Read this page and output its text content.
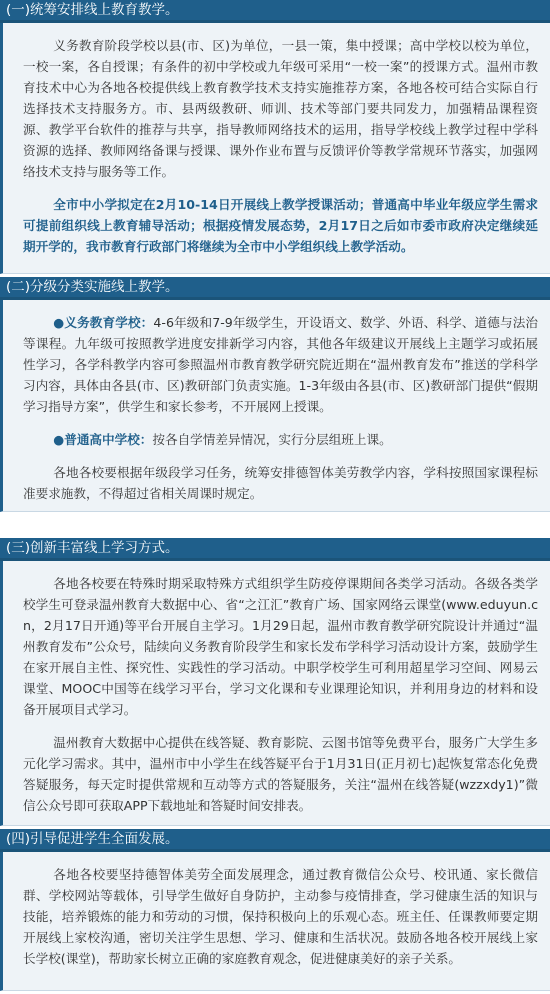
(一)统筹安排线上教育教学。

义务教育阶段学校以县(市、区)为单位，一县一策，集中授课；高中学校以校为单位，一校一案，各自授课；有条件的初中学校或九年级可采用“一校一案”的授课方式。温州市教育技术中心为各地各校提供线上教育教学技术支持实施推荐方案，各地各校可结合实际自行选择技术支持服务方。市、县两级教研、师训、技术等部门要共同发力，加强精品课程资源、教学平台软件的推荐与共享，指导教师网络技术的运用，指导学校线上教学过程中学科资源的选择、教师网络备课与授课、课外作业布置与反馈评价等教学常规环节落实，加强网络技术支持与服务等工作。

全市中小学拟定在2月10-14日开展线上教学授课活动；普通高中毕业年级应学生需求可提前组织线上教育辅导活动；根据疫情发展态势，2月17日之后如市委市政府决定继续延期开学的，我市教育行政部门将继续为全市中小学组织线上教学活动。

(二)分级分类实施线上教学。

●义务教育学校：4-6年级和7-9年级学生，开设语文、数学、外语、科学、道德与法治等课程。九年级可按照教学进度安排新学习内容，其他各年级建议开展线上主题学习或拓展性学习，各学科教学内容可参照温州市教育教学研究院近期在“温州教育发布”推送的学科学习内容，具体由各县(市、区)教研部门负责实施。1-3年级由各县(市、区)教研部门提供“假期学习指导方案”，供学生和家长参考，不开展网上授课。

●普通高中学校：按各自学情差异情况，实行分层组班上课。

各地各校要根据年级段学习任务，统筹安排德智体美劳教学内容，学科按照国家课程标准要求施教，不得超过省相关周课时规定。

(三)创新丰富线上学习方式。

各地各校要在特殊时期采取特殊方式组织学生防疫停课期间各类学习活动。各级各类学校学生可登录温州教育大数据中心、省“之江汇”教育广场、国家网络云课堂(www.eduyun.cn，2月17日开通)等平台开展自主学习。1月29日起，温州市教育教学研究院设计并通过“温州教育发布”公众号，陆续向义务教育阶段学生和家长发布学科学习活动设计方案，鼓励学生在家开展自主性、探究性、实践性的学习活动。中职学校学生可利用超星学习空间、网易云课堂、MOOC中国等在线学习平台，学习文化课和专业课理论知识，并利用身边的材料和设备开展项目式学习。

温州教育大数据中心提供在线答疑、教育影院、云图书馆等免费平台，服务广大学生多元化学习需求。其中，温州市中小学生在线答疑平台于1月31日(正月初七)起恢复常态化免费答疑服务，每天定时提供常规和互动等方式的答疑服务，关注“温州在线答疑(wzzxdy1)”微信公众号即可获取APP下载地址和答疑时间安排表。

(四)引导促进学生全面发展。

各地各校要坚持德智体美劳全面发展理念，通过教育微信公众号、校讯通、家长微信群、学校网站等载体，引导学生做好自身防护，主动参与疫情排查，学习健康生活的知识与技能，培养锻炼的能力和劳动的习惯，保持积极向上的乐观心态。班主任、任课教师要定期开展线上家校沟通，密切关注学生思想、学习、健康和生活状况。鼓励各地各校开展线上家长学校(课堂)，帮助家长树立正确的家庭教育观念，促进健康美好的亲子关系。
